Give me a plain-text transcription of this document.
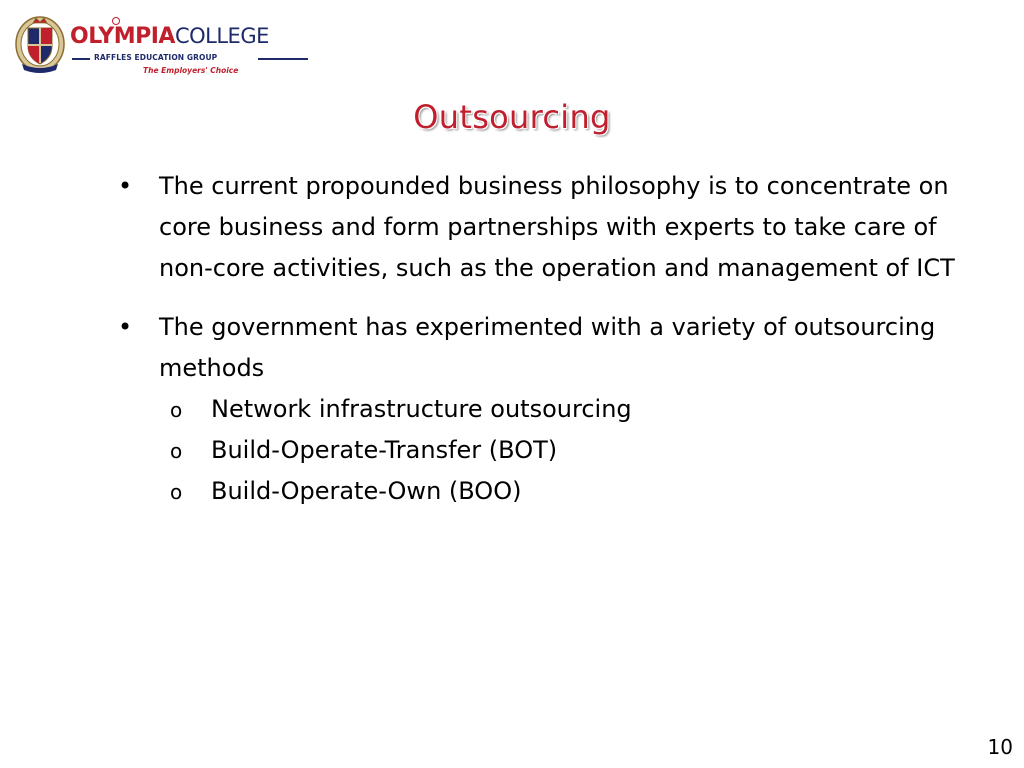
OLYMPIACOLLEGE
RAFFLES EDUCATION GROUP
The Employers' Choice
Outsourcing
• The current propounded business philosophy is to concentrate on core business and form partnerships with experts to take care of non-core activities, such as the operation and management of ICT
• The government has experimented with a variety of outsourcing methods
o Network infrastructure outsourcing
o Build-Operate-Transfer (BOT)
o Build-Operate-Own (BOO)
10
